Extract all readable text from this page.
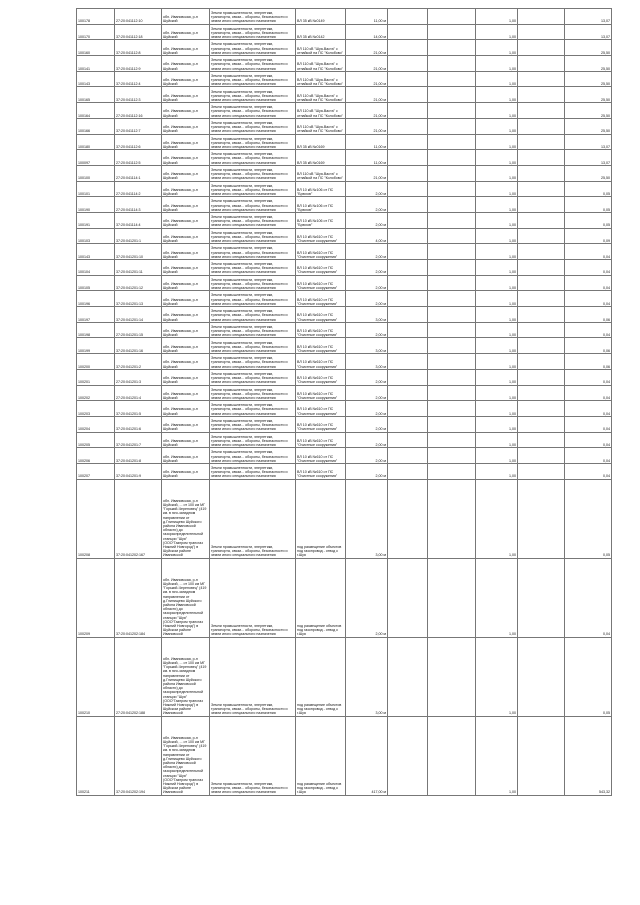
100178	27:20:041112:10	обл. Ивановская, р-н Шуйский	Земли промышленности, энергетики, транспорта, связи... обороны, безопасности и земли иного специального назначения	ВЛ 35 кВ №0149	11,00 м			1,00		13,07
100170	37:20:041112:18	обл. Ивановская, р-н Шуйский	Земли промышленности, энергетики, транспорта, связи... обороны, безопасности и земли иного специального назначения	ВЛ 35 кВ №0142	14,00 м			1,00		13,07
100160	37:20:041112:8	обл. Ивановская, р-н Шуйский	Земли промышленности, энергетики, транспорта, связи... обороны, безопасности и земли иного специального назначения	ВЛ 110 кВ "Шуя-Васта" с отпайкой на ПС "Колобово"	21,00 м			1,00		25,50
100141	37:20:041112:9	обл. Ивановская, р-н Шуйский	Земли промышленности, энергетики, транспорта, связи... обороны, безопасности и земли иного специального назначения	ВЛ 110 кВ "Шуя-Васта" с отпайкой на ПС "Колобово"	21,00 м			1,00		25,50
100143	37:20:041112:4	обл. Ивановская, р-н Шуйский	Земли промышленности, энергетики, транспорта, связи... обороны, безопасности и земли иного специального назначения	ВЛ 110 кВ "Шуя-Васта" с отпайкой на ПС "Колобово"	21,00 м			1,00		25,50
100165	37:20:041112:3	обл. Ивановская, р-н Шуйский	Земли промышленности, энергетики, транспорта, связи... обороны, безопасности и земли иного специального назначения	ВЛ 110 кВ "Шуя-Васта" с отпайкой на ПС "Колобово"	21,00 м			1,00		25,50
100164	27:20:041112:16	обл. Ивановская, р-н Шуйский	Земли промышленности, энергетики, транспорта, связи... обороны, безопасности и земли иного специального назначения	ВЛ 110 кВ "Шуя-Васта" с отпайкой на ПС "Колобово"	21,00 м			1,00		25,50
100166	37:20:041112:7	обл. Ивановская, р-н Шуйский	Земли промышленности, энергетики, транспорта, связи... обороны, безопасности и земли иного специального назначения	ВЛ 110 кВ "Шуя-Васта" с отпайкой на ПС "Колобово"	21,00 м			1,00		25,50
100180	37:20:041112:6	обл. Ивановская, р-н Шуйский	Земли промышленности, энергетики, транспорта, связи... обороны, безопасности и земли иного специального назначения	ВЛ 35 кВ №0169	11,00 м			1,00		13,07
100097	27:20:041112:5	обл. Ивановская, р-н Шуйский	Земли промышленности, энергетики, транспорта, связи... обороны, безопасности и земли иного специального назначения	ВЛ 35 кВ №0169	11,00 м			1,00		13,07
100100	27:20:041114:1	обл. Ивановская, р-н Шуйский	Земли промышленности, энергетики, транспорта, связи... обороны, безопасности и земли иного специального назначения	ВЛ 110 кВ "Шуя-Васта" с отпайкой на ПС "Колобово"	21,00 м			1,00		25,50
100101	27:20:041114:2	обл. Ивановская, р-н Шуйский	Земли промышленности, энергетики, транспорта, связи... обороны, безопасности и земли иного специального назначения	ВЛ 10 кВ №106 от ПС "Брюхов"	2,00 м			1,00		0,05
100190	27:20:041114:3	обл. Ивановская, р-н Шуйский	Земли промышленности, энергетики, транспорта, связи... обороны, безопасности и земли иного специального назначения	ВЛ 10 кВ №106 от ПС "Брюхов"	2,00 м			1,00		0,05
100191	37:20:041114:4	обл. Ивановская, р-н Шуйский	Земли промышленности, энергетики, транспорта, связи... обороны, безопасности и земли иного специального назначения	ВЛ 10 кВ №106 от ПС "Брюхов"	2,00 м			1,00		0,05
100103	37:20:041201:1	обл. Ивановская, р-н Шуйский	Земли промышленности, энергетики, транспорта, связи... обороны, безопасности и земли иного специального назначения	ВЛ 10 кВ №610 от ПС "Очистные сооружения"	4,00 м			1,00		0,09
100143	37:20:041201:10	обл. Ивановская, р-н Шуйский	Земли промышленности, энергетики, транспорта, связи... обороны, безопасности и земли иного специального назначения	ВЛ 10 кВ №610 от ПС "Очистные сооружения"	2,00 м			1,00		0,04
100104	37:20:041201:11	обл. Ивановская, р-н Шуйский	Земли промышленности, энергетики, транспорта, связи... обороны, безопасности и земли иного специального назначения	ВЛ 10 кВ №610 от ПС "Очистные сооружения"	2,00 м			1,00		0,04
100105	37:20:041201:12	обл. Ивановская, р-н Шуйский	Земли промышленности, энергетики, транспорта, связи... обороны, безопасности и земли иного специального назначения	ВЛ 10 кВ №610 от ПС "Очистные сооружения"	2,00 м			1,00		0,04
100196	37:20:041201:13	обл. Ивановская, р-н Шуйский	Земли промышленности, энергетики, транспорта, связи... обороны, безопасности и земли иного специального назначения	ВЛ 10 кВ №610 от ПС "Очистные сооружения"	2,00 м			1,00		0,04
100197	37:20:041201:14	обл. Ивановская, р-н Шуйский	Земли промышленности, энергетики, транспорта, связи... обороны, безопасности и земли иного специального назначения	ВЛ 10 кВ №610 от ПС "Очистные сооружения"	3,00 м			1,00		0,06
100198	27:20:041201:15	обл. Ивановская, р-н Шуйский	Земли промышленности, энергетики, транспорта, связи... обороны, безопасности и земли иного специального назначения	ВЛ 10 кВ №610 от ПС "Очистные сооружения"	2,00 м			1,00		0,04
100199	37:20:041201:16	обл. Ивановская, р-н Шуйский	Земли промышленности, энергетики, транспорта, связи... обороны, безопасности и земли иного специального назначения	ВЛ 10 кВ №610 от ПС "Очистные сооружения"	3,00 м			1,00		0,06
100200	37:20:041201:2	обл. Ивановская, р-н Шуйский	Земли промышленности, энергетики, транспорта, связи... обороны, безопасности и земли иного специального назначения	ВЛ 10 кВ №610 от ПС "Очистные сооружения"	3,00 м			1,00		0,06
100201	27:20:041201:3	обл. Ивановская, р-н Шуйский	Земли промышленности, энергетики, транспорта, связи... обороны, безопасности и земли иного специального назначения	ВЛ 10 кВ №610 от ПС "Очистные сооружения"	2,00 м			1,00		0,04
100202	27:20:041201:4	обл. Ивановская, р-н Шуйский	Земли промышленности, энергетики, транспорта, связи... обороны, безопасности и земли иного специального назначения	ВЛ 10 кВ №610 от ПС "Очистные сооружения"	2,00 м			1,00		0,04
100203	37:20:041201:5	обл. Ивановская, р-н Шуйский	Земли промышленности, энергетики, транспорта, связи... обороны, безопасности и земли иного специального назначения	ВЛ 10 кВ №610 от ПС "Очистные сооружения"	2,00 м			1,00		0,04
100204	37:20:041201:6	обл. Ивановская, р-н Шуйский	Земли промышленности, энергетики, транспорта, связи... обороны, безопасности и земли иного специального назначения	ВЛ 10 кВ №610 от ПС "Очистные сооружения"	2,00 м			1,00		0,04
100205	37:20:041201:7	обл. Ивановская, р-н Шуйский	Земли промышленности, энергетики, транспорта, связи... обороны, безопасности и земли иного специального назначения	ВЛ 10 кВ №610 от ПС "Очистные сооружения"	2,00 м			1,00		0,04
100206	37:20:041201:8	обл. Ивановская, р-н Шуйский	Земли промышленности, энергетики, транспорта, связи... обороны, безопасности и земли иного специального назначения	ВЛ 10 кВ №610 от ПС "Очистные сооружения"	2,00 м			1,00		0,04
100207	37:20:041201:9	обл. Ивановская, р-н Шуйский	Земли промышленности, энергетики, транспорта, связи... обороны, безопасности и земли иного специального назначения	ВЛ 10 кВ №610 от ПС "Очистные сооружения"	2,00 м			1,00		0,04
100208	37:20:041202:167	обл. Ивановская, р-н Шуйский, ... от 100 км МГ "Горький-Череповец" (419 км. в юго-западном направлении от д.Глинищево Шуйского района Ивановской области) до газораспределительной станции "Шуя" (ООО"Газпром трансгаз Нижний Новгород") в Шуйском районе Ивановской	Земли промышленности, энергетики, транспорта, связи... обороны, безопасности и земли иного специального назначения	под размещение объектов под газопровод - отвод к г.Шуя	3,00 м			1,00		0,05
100209	37:20:041202:184	обл. Ивановская, р-н Шуйский, ... от 100 км МГ "Горький-Череповец" (419 км. в юго-западном направлении от д.Глинищево Шуйского района Ивановской области) до газораспределительной станции "Шуя" (ООО"Газпром трансгаз Нижний Новгород") в Шуйском районе Ивановской	Земли промышленности, энергетики, транспорта, связи... обороны, безопасности и земли иного специального назначения	под размещение объектов под газопровод - отвод к г.Шуя	2,00 м			1,00		0,04
100210	27:20:041202:188	обл. Ивановская, р-н Шуйский, ... от 100 км МГ "Горький-Череповец" (419 км. в юго-западном направлении от д.Глинищево Шуйского района Ивановской области) до газораспределительной станции "Шуя" (ООО"Газпром трансгаз Нижний Новгород") в Шуйском районе Ивановской	Земли промышленности, энергетики, транспорта, связи... обороны, безопасности и земли иного специального назначения	под размещение объектов под газопровод - отвод к г.Шуя	3,00 м			1,00		0,05
100211	37:20:041202:194	обл. Ивановская, р-н Шуйский, ... от 100 км МГ "Горький-Череповец" (419 км. в юго-западном направлении от д.Глинищево Шуйского района Ивановской области) до газораспределительной станции "Шуя" (ООО"Газпром трансгаз Нижний Новгород") в Шуйском районе Ивановской	Земли промышленности, энергетики, транспорта, связи... обороны, безопасности и земли иного специального назначения	под размещение объектов под газопровод - отвод к г.Шуя	417,00 м			1,00		543,32
